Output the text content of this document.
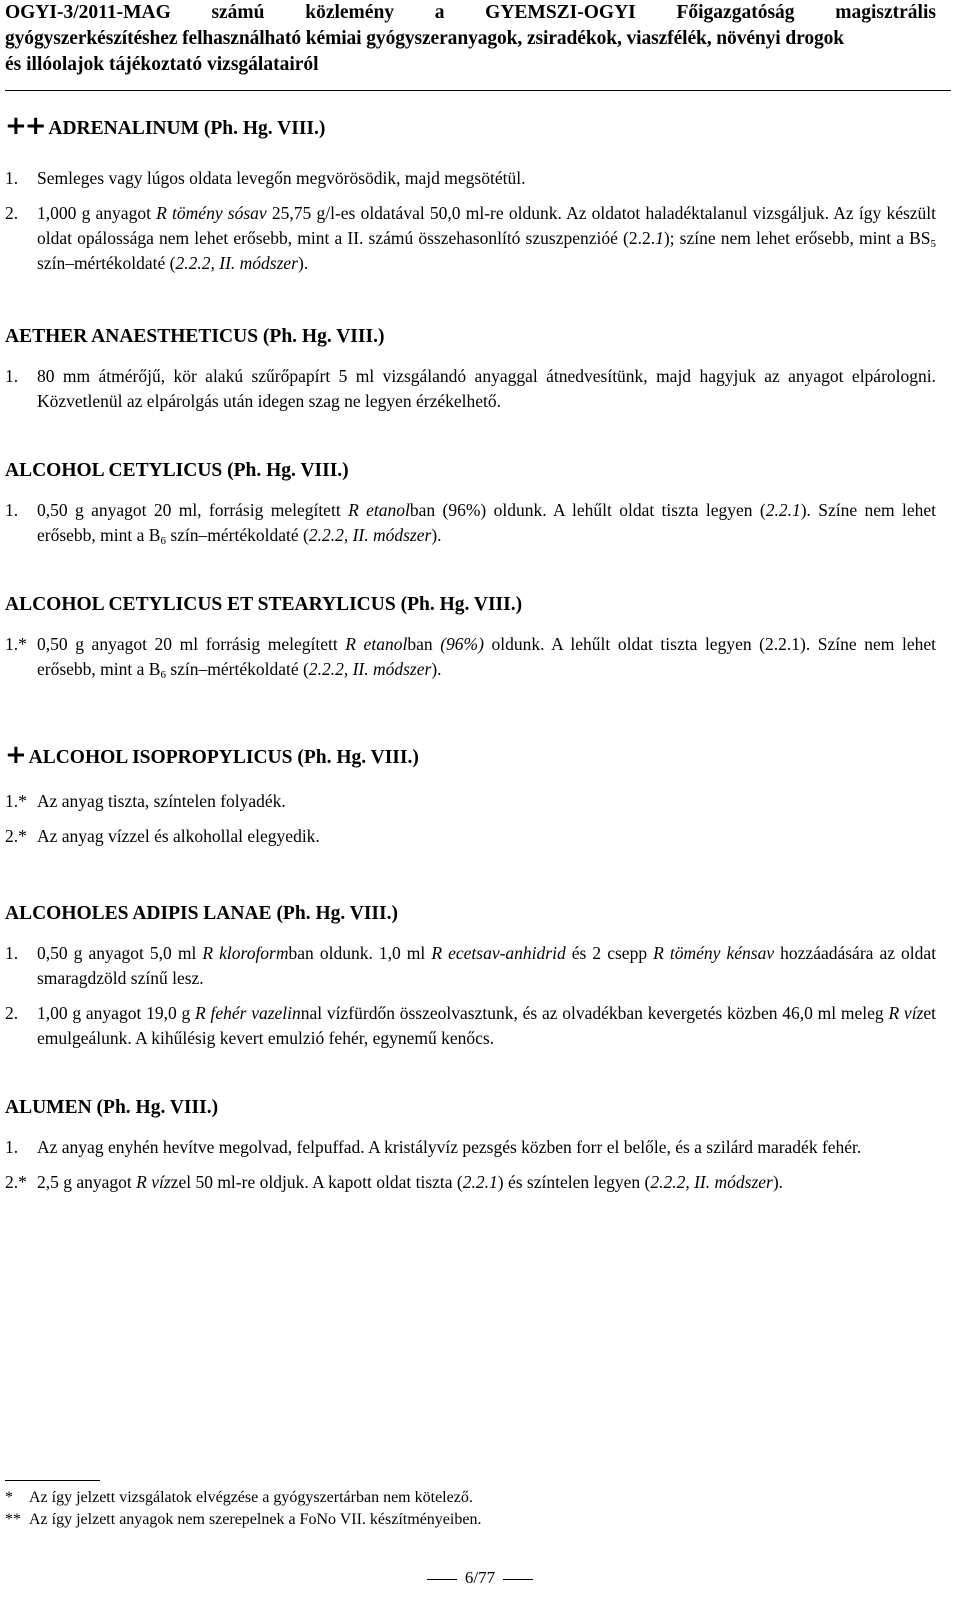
OGYI-3/2011-MAG számú közlemény a GYEMSZI-OGYI Főigazgatóság magisztrális
gyógyszerkészítéshez felhasználható kémiai gyógyszeranyagok, zsiradékok, viaszfélék, növényi drogok
és illóolajok tájékoztató vizsgálatairól
++ ADRENALINUM (Ph. Hg. VIII.)
1.	Semleges vagy lúgos oldata levegőn megvörösödik, majd megsötétül.
2.	1,000 g anyagot R tömény sósav 25,75 g/l-es oldatával 50,0 ml-re oldunk. Az oldatot haladéktalanul vizsgáljuk. Az így készült oldat opálossága nem lehet erősebb, mint a II. számú összehasonlító szuszpenzióé (2.2.1); színe nem lehet erősebb, mint a $BS_5$ szín–mértékoldaté (2.2.2, II. módszer).
AETHER ANAESTHETICUS (Ph. Hg. VIII.)
1.	80 mm átmérőjű, kör alakú szűrőpapírt 5 ml vizsgálandó anyaggal átnedvesítünk, majd hagyjuk az anyagot elpárologni. Közvetlenül az elpárolgás után idegen szag ne legyen érzékelhető.
ALCOHOL CETYLICUS (Ph. Hg. VIII.)
1.	0,50 g anyagot 20 ml, forrásig melegített R etanolban (96%) oldunk. A lehűlt oldat tiszta legyen (2.2.1). Színe nem lehet erősebb, mint a $B_6$ szín–mértékoldaté (2.2.2, II. módszer).
ALCOHOL CETYLICUS ET STEARYLICUS (Ph. Hg. VIII.)
1.* 0,50 g anyagot 20 ml forrásig melegített R etanolban (96%) oldunk. A lehűlt oldat tiszta legyen (2.2.1). Színe nem lehet erősebb, mint a $B_6$ szín–mértékoldaté (2.2.2, II. módszer).
+ ALCOHOL ISOPROPYLICUS (Ph. Hg. VIII.)
1.* Az anyag tiszta, színtelen folyadék.
2.* Az anyag vízzel és alkohollal elegyedik.
ALCOHOLES ADIPIS LANAE (Ph. Hg. VIII.)
1.	0,50 g anyagot 5,0 ml R kloroformban oldunk. 1,0 ml R ecetsav-anhidrid és 2 csepp R tömény kénsav hozzáadására az oldat smaragdzöld színű lesz.
2.	1,00 g anyagot 19,0 g R fehér vazelinnal vízfürdőn összeolvasztunk, és az olvadékban kevergetés közben 46,0 ml meleg R vízet emulgeálunk. A kihűlésig kevert emulzió fehér, egynemű kenőcs.
ALUMEN (Ph. Hg. VIII.)
1.	Az anyag enyhén hevítve megolvad, felpuffad. A kristályvíz pezsgés közben forr el belőle, és a szilárd maradék fehér.
2.* 2,5 g anyagot R vízzel 50 ml-re oldjuk. A kapott oldat tiszta (2.2.1) és színtelen legyen (2.2.2, II. módszer).
* Az így jelzett vizsgálatok elvégzése a gyógyszertárban nem kötelező.
** Az így jelzett anyagok nem szerepelnek a FoNo VII. készítményeiben.
6/77
